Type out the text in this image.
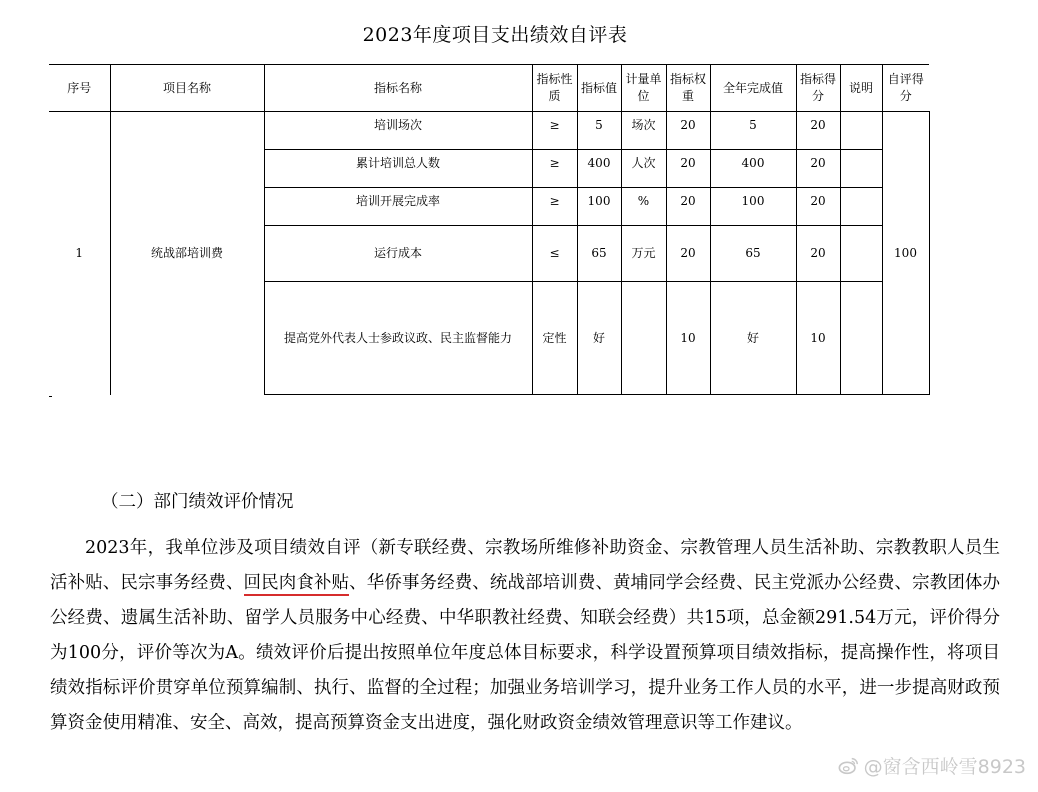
2023年度项目支出绩效自评表
序号	项目名称	指标名称	指标性质	指标值	计量单位	指标权重	全年完成值	指标得分	说明	自评得分
1	统战部培训费	培训场次	≥	5	场次	20	5	20		100
		累计培训总人数	≥	400	人次	20	400	20		
		培训开展完成率	≥	100	%	20	100	20		
		运行成本	≤	65	万元	20	65	20		
		提高党外代表人士参政议政、民主监督能力	定性	好		10	好	10		
（二）部门绩效评价情况
2023年，我单位涉及项目绩效自评（新专联经费、宗教场所维修补助资金、宗教管理人员生活补助、宗教教职人员生活补贴、民宗事务经费、回民肉食补贴、华侨事务经费、统战部培训费、黄埔同学会经费、民主党派办公经费、宗教团体办公经费、遗属生活补助、留学人员服务中心经费、中华职教社经费、知联会经费）共15项，总金额291.54万元，评价得分为100分，评价等次为A。绩效评价后提出按照单位年度总体目标要求，科学设置预算项目绩效指标，提高操作性，将项目绩效指标评价贯穿单位预算编制、执行、监督的全过程；加强业务培训学习，提升业务工作人员的水平，进一步提高财政预算资金使用精准、安全、高效，提高预算资金支出进度，强化财政资金绩效管理意识等工作建议。
@窗含西岭雪8923
